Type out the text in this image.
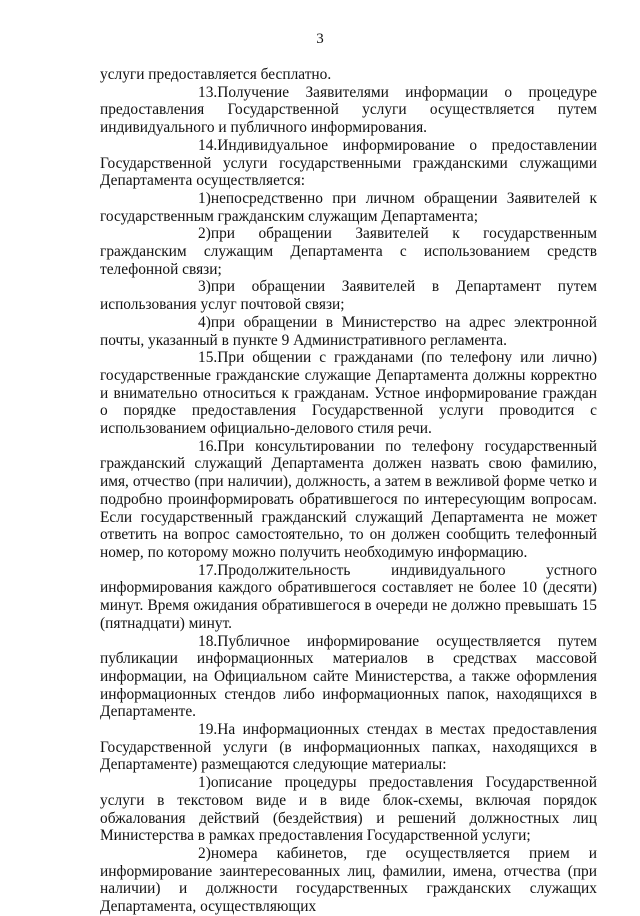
3

услуги предоставляется бесплатно.

13.Получение Заявителями информации о процедуре предоставления Государственной услуги осуществляется путем индивидуального и публичного информирования.

14.Индивидуальное информирование о предоставлении Государственной услуги государственными гражданскими служащими Департамента осуществляется:

1)непосредственно при личном обращении Заявителей к государственным гражданским служащим Департамента;

2)при обращении Заявителей к государственным гражданским служащим Департамента с использованием средств телефонной связи;

3)при обращении Заявителей в Департамент путем использования услуг почтовой связи;

4)при обращении в Министерство на адрес электронной почты, указанный в пункте 9 Административного регламента.

15.При общении с гражданами (по телефону или лично) государственные гражданские служащие Департамента должны корректно и внимательно относиться к гражданам. Устное информирование граждан о порядке предоставления Государственной услуги проводится с использованием официально-делового стиля речи.

16.При консультировании по телефону государственный гражданский служащий Департамента должен назвать свою фамилию, имя, отчество (при наличии), должность, а затем в вежливой форме четко и подробно проинформировать обратившегося по интересующим вопросам. Если государственный гражданский служащий Департамента не может ответить на вопрос самостоятельно, то он должен сообщить телефонный номер, по которому можно получить необходимую информацию.

17.Продолжительность индивидуального устного информирования каждого обратившегося составляет не более 10 (десяти) минут. Время ожидания обратившегося в очереди не должно превышать 15 (пятнадцати) минут.

18.Публичное информирование осуществляется путем публикации информационных материалов в средствах массовой информации, на Официальном сайте Министерства, а также оформления информационных стендов либо информационных папок, находящихся в Департаменте.

19.На информационных стендах в местах предоставления Государственной услуги (в информационных папках, находящихся в Департаменте) размещаются следующие материалы:

1)описание процедуры предоставления Государственной услуги в текстовом виде и в виде блок-схемы, включая порядок обжалования действий (бездействия) и решений должностных лиц Министерства в рамках предоставления Государственной услуги;

2)номера кабинетов, где осуществляется прием и информирование заинтересованных лиц, фамилии, имена, отчества (при наличии) и должности государственных гражданских служащих Департамента, осуществляющих
